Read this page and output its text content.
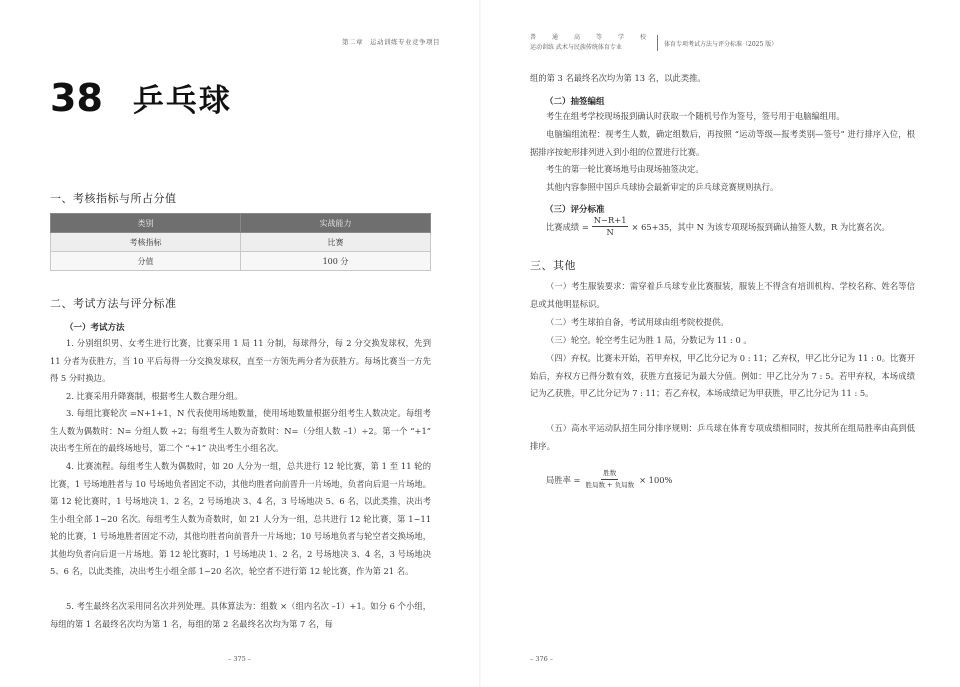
第二章　运动训练专业竞争项目
38 乒乓球
一、考核指标与所占分值
类别	实战能力
考核指标	比赛
分值	100 分
二、考试方法与评分标准
（一）考试方法
1. 分别组织男、女考生进行比赛，比赛采用 1 局 11 分制，每球得分，每 2 分交换发球权，先到 11 分者为获胜方，当 10 平后每得一分交换发球权，直至一方领先两分者为获胜方。每场比赛当一方先得 5 分时换边。
2. 比赛采用升降赛制，根据考生人数合理分组。
3. 每组比赛轮次 =N+1+1，N 代表使用场地数量，使用场地数量根据分组考生人数决定。每组考生人数为偶数时：N= 分组人数 ÷2；每组考生人数为奇数时：N=（分组人数 –1）÷2。第一个 “+1” 决出考生所在的最终场地号，第二个 “+1” 决出考生小组名次。
4. 比赛流程。每组考生人数为偶数时，如 20 人分为一组，总共进行 12 轮比赛，第 1 至 11 轮的比赛，1 号场地胜者与 10 号场地负者固定不动，其他均胜者向前晋升一片场地，负者向后退一片场地。第 12 轮比赛时，1 号场地决 1、2 名，2 号场地决 3、4 名，3 号场地决 5、6 名，以此类推，决出考生小组全部 1~20 名次。每组考生人数为奇数时，如 21 人分为一组，总共进行 12 轮比赛，第 1~11 轮的比赛，1 号场地胜者固定不动，其他均胜者向前晋升一片场地；10 号场地负者与轮空者交换场地，其他均负者向后退一片场地。第 12 轮比赛时，1 号场地决 1、2 名，2 号场地决 3、4 名，3 号场地决 5、6 名，以此类推，决出考生小组全部 1~20 名次，轮空者不进行第 12 轮比赛，作为第 21 名。
5. 考生最终名次采用同名次并列处理。具体算法为：组数 ×（组内名次 –1）+1。如分 6 个小组，每组的第 1 名最终名次均为第 1 名，每组的第 2 名最终名次均为第 7 名，每
– 375 –
普　通　高　等　学　校
运动训练 武术与民族传统体育专业	体育专项考试方法与评分标准（2025 版）
组的第 3 名最终名次均为第 13 名，以此类推。
（二）抽签编组
考生在组考学校现场报到确认时获取一个随机号作为签号，签号用于电脑编组用。
电脑编组流程：视考生人数，确定组数后，再按照 “运动等级—报考类别—签号” 进行排序入位，根据排序按蛇形排列进入到小组的位置进行比赛。
考生的第一轮比赛场地号由现场抽签决定。
其他内容参照中国乒乓球协会最新审定的乒乓球竞赛规则执行。
（三）评分标准
比赛成绩 = $\frac{N-R+1}{N} \times 65+35$，其中 N 为该专项现场报到确认抽签人数，R 为比赛名次。
三、其他
（一）考生服装要求：需穿着乒乓球专业比赛服装，服装上不得含有培训机构、学校名称、姓名等信息或其他明显标识。
（二）考生球拍自备，考试用球由组考院校提供。
（三）轮空。轮空考生记为胜 1 局，分数记为 11 : 0 。
（四）弃权。比赛未开始，若甲弃权，甲乙比分记为 0 : 11；乙弃权，甲乙比分记为 11 : 0。比赛开始后，弃权方已得分数有效，获胜方直接记为最大分值。例如：甲乙比分为 7 : 5。若甲弃权，本场成绩记为乙获胜，甲乙比分记为 7 : 11；若乙弃权，本场成绩记为甲获胜，甲乙比分记为 11 : 5。
（五）高水平运动队招生同分排序规则：乒乓球在体育专项成绩相同时，按其所在组局胜率由高到低排序。
局胜率 = $\frac{\text{胜数}}{\text{胜局数 + 负局数}} \times 100\%$
– 376 –
